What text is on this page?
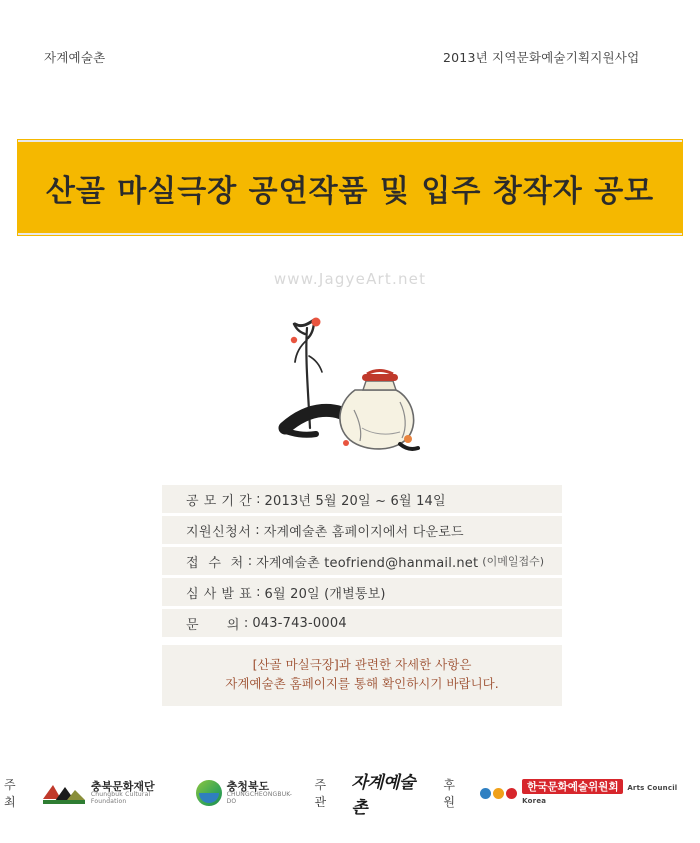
자계예술촌	2013년 지역문화예술기획지원사업
산골 마실극장 공연작품 및 입주 창작자 공모
www.JagyeArt.net
공 모 기 간 : 2013년 5월 20일 ~ 6월 14일
지원신청서 : 자계예술촌 홈페이지에서 다운로드
접  수  처 : 자계예술촌 teofriend@hanmail.net (이메일접수)
심 사 발 표 : 6월 20일 (개별통보)
문      의 : 043-743-0004
[산골 마실극장]과 관련한 자세한 사항은
자계예술촌 홈페이지를 통해 확인하시기 바랍니다.
주최
충북문화재단
Chungbuk Cultural Foundation
충청북도
CHUNGCHEONGBUK-DO
주관
자계예술촌
후원
한국문화예술위원회 Arts Council Korea
